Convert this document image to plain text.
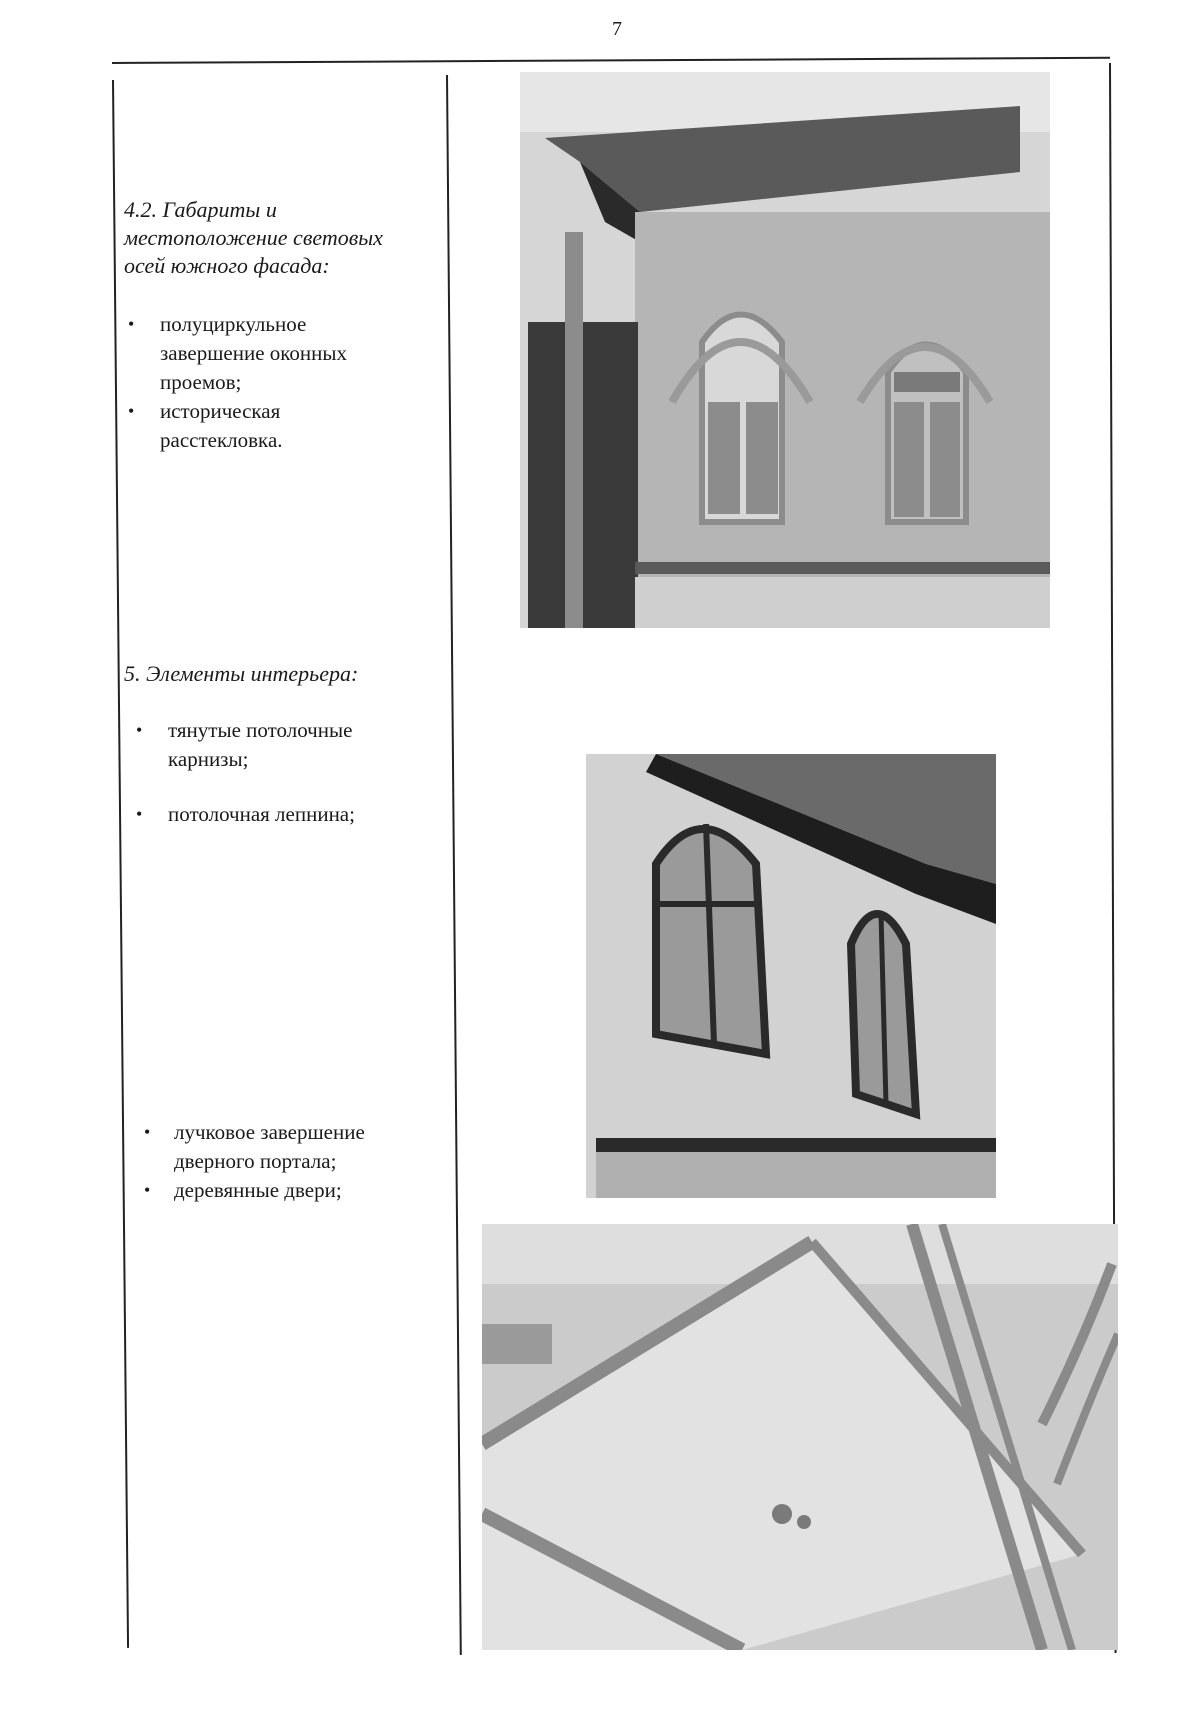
7
4.2. Габариты и
местоположение световых
осей южного фасада:
• полуциркульное
завершение оконных
проемов;
• историческая
расстекловка.
5. Элементы интерьера:
• тянутые потолочные
карнизы;
• потолочная лепнина;
• лучковое завершение
дверного портала;
• деревянные двери;
